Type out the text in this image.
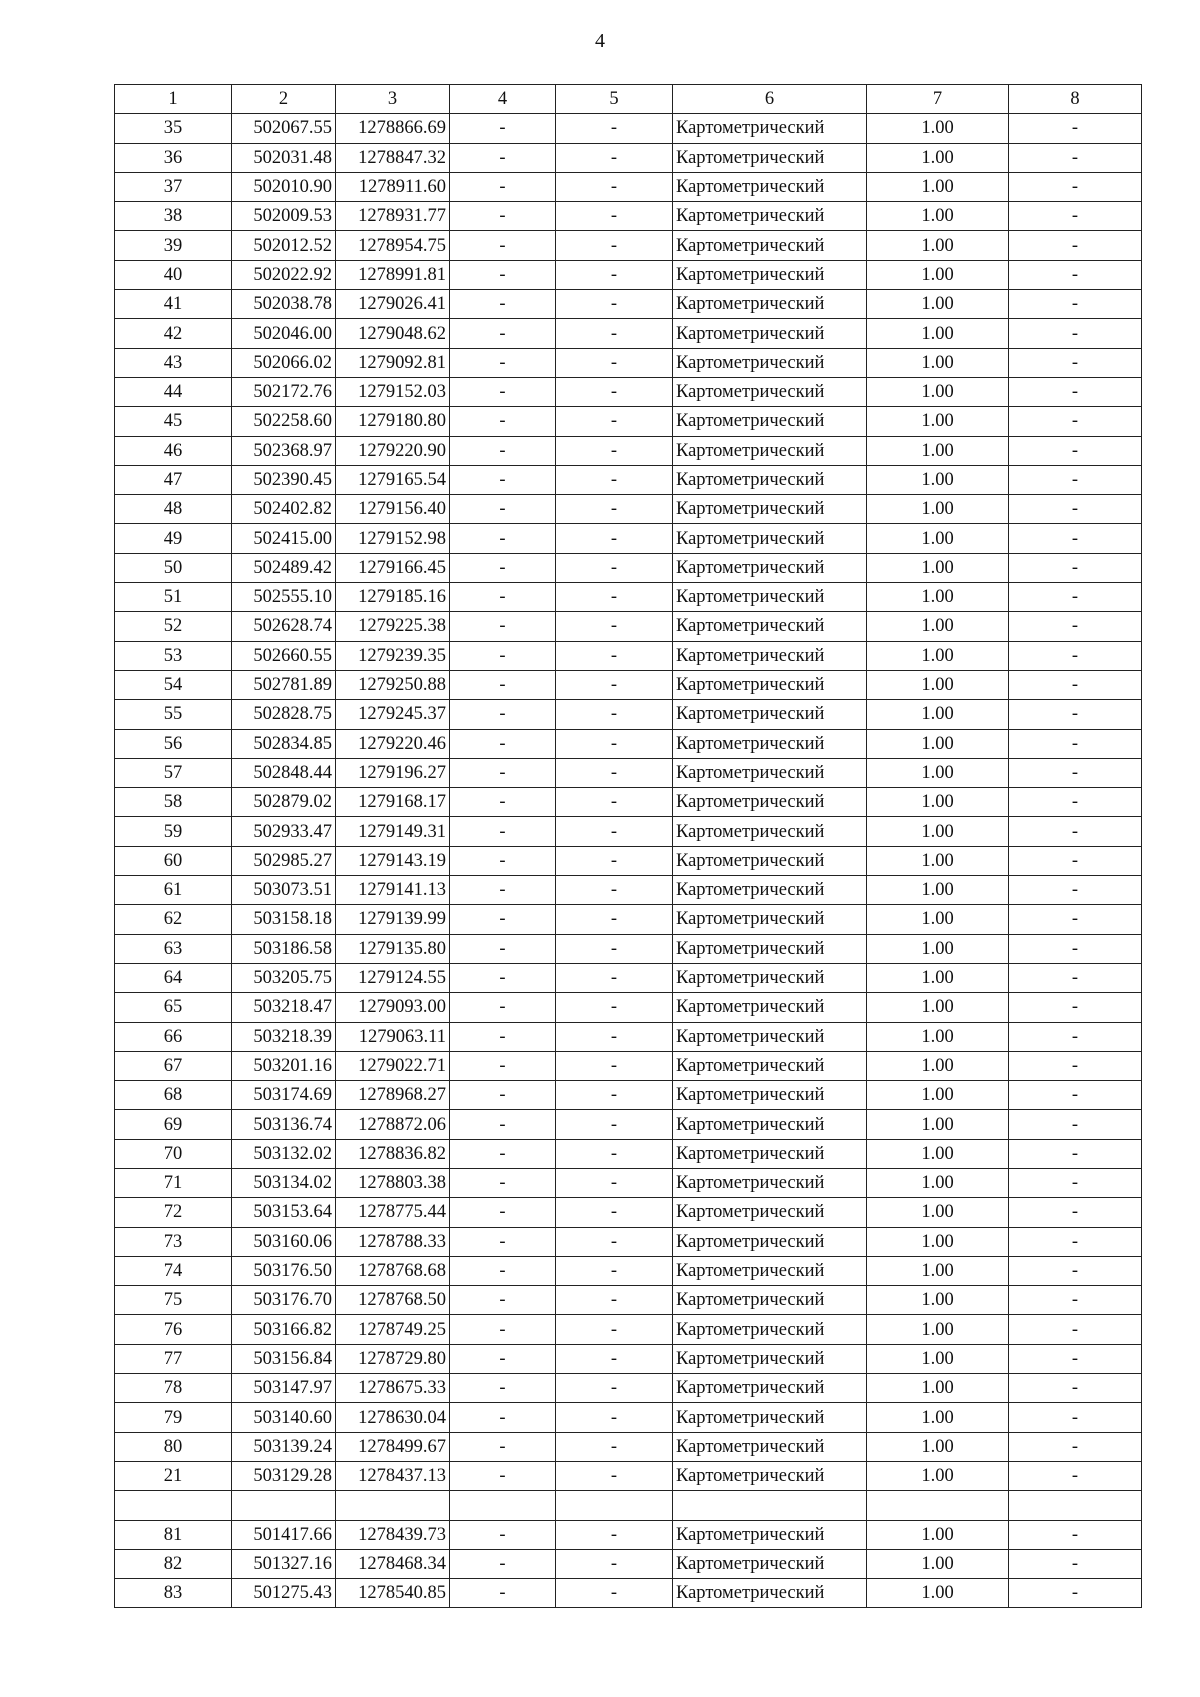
4
1	2	3	4	5	6	7	8
35	502067.55	1278866.69	-	-	Картометрический	1.00	-
36	502031.48	1278847.32	-	-	Картометрический	1.00	-
37	502010.90	1278911.60	-	-	Картометрический	1.00	-
38	502009.53	1278931.77	-	-	Картометрический	1.00	-
39	502012.52	1278954.75	-	-	Картометрический	1.00	-
40	502022.92	1278991.81	-	-	Картометрический	1.00	-
41	502038.78	1279026.41	-	-	Картометрический	1.00	-
42	502046.00	1279048.62	-	-	Картометрический	1.00	-
43	502066.02	1279092.81	-	-	Картометрический	1.00	-
44	502172.76	1279152.03	-	-	Картометрический	1.00	-
45	502258.60	1279180.80	-	-	Картометрический	1.00	-
46	502368.97	1279220.90	-	-	Картометрический	1.00	-
47	502390.45	1279165.54	-	-	Картометрический	1.00	-
48	502402.82	1279156.40	-	-	Картометрический	1.00	-
49	502415.00	1279152.98	-	-	Картометрический	1.00	-
50	502489.42	1279166.45	-	-	Картометрический	1.00	-
51	502555.10	1279185.16	-	-	Картометрический	1.00	-
52	502628.74	1279225.38	-	-	Картометрический	1.00	-
53	502660.55	1279239.35	-	-	Картометрический	1.00	-
54	502781.89	1279250.88	-	-	Картометрический	1.00	-
55	502828.75	1279245.37	-	-	Картометрический	1.00	-
56	502834.85	1279220.46	-	-	Картометрический	1.00	-
57	502848.44	1279196.27	-	-	Картометрический	1.00	-
58	502879.02	1279168.17	-	-	Картометрический	1.00	-
59	502933.47	1279149.31	-	-	Картометрический	1.00	-
60	502985.27	1279143.19	-	-	Картометрический	1.00	-
61	503073.51	1279141.13	-	-	Картометрический	1.00	-
62	503158.18	1279139.99	-	-	Картометрический	1.00	-
63	503186.58	1279135.80	-	-	Картометрический	1.00	-
64	503205.75	1279124.55	-	-	Картометрический	1.00	-
65	503218.47	1279093.00	-	-	Картометрический	1.00	-
66	503218.39	1279063.11	-	-	Картометрический	1.00	-
67	503201.16	1279022.71	-	-	Картометрический	1.00	-
68	503174.69	1278968.27	-	-	Картометрический	1.00	-
69	503136.74	1278872.06	-	-	Картометрический	1.00	-
70	503132.02	1278836.82	-	-	Картометрический	1.00	-
71	503134.02	1278803.38	-	-	Картометрический	1.00	-
72	503153.64	1278775.44	-	-	Картометрический	1.00	-
73	503160.06	1278788.33	-	-	Картометрический	1.00	-
74	503176.50	1278768.68	-	-	Картометрический	1.00	-
75	503176.70	1278768.50	-	-	Картометрический	1.00	-
76	503166.82	1278749.25	-	-	Картометрический	1.00	-
77	503156.84	1278729.80	-	-	Картометрический	1.00	-
78	503147.97	1278675.33	-	-	Картометрический	1.00	-
79	503140.60	1278630.04	-	-	Картометрический	1.00	-
80	503139.24	1278499.67	-	-	Картометрический	1.00	-
21	503129.28	1278437.13	-	-	Картометрический	1.00	-

81	501417.66	1278439.73	-	-	Картометрический	1.00	-
82	501327.16	1278468.34	-	-	Картометрический	1.00	-
83	501275.43	1278540.85	-	-	Картометрический	1.00	-
